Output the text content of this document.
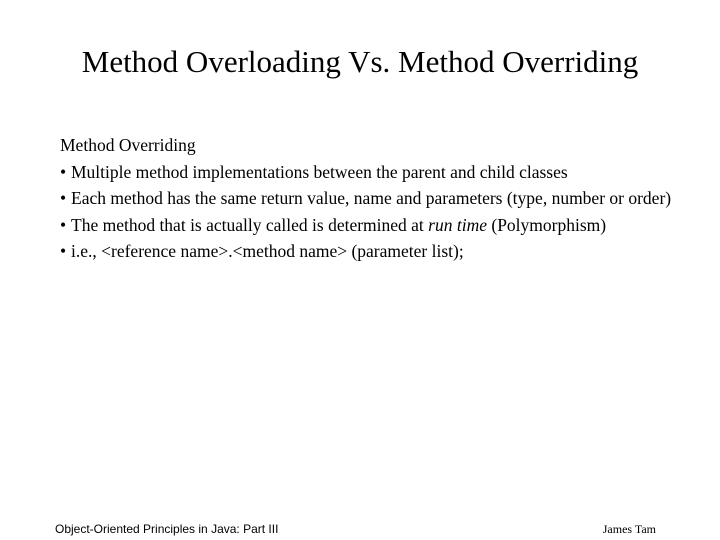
Method Overloading Vs. Method Overriding

Method Overriding

• Multiple method implementations between the parent and child classes
• Each method has the same return value, name and parameters (type, number or order)
• The method that is actually called is determined at run time (Polymorphism)
• i.e., <reference name>.<method name> (parameter list);
Object-Oriented Principles in Java: Part III	James Tam
